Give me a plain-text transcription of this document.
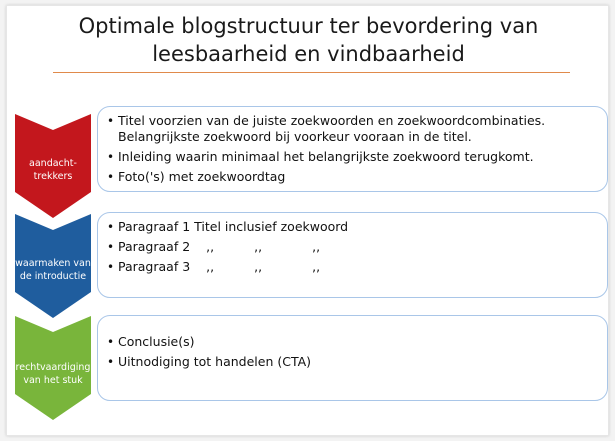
Optimale blogstructuur ter bevordering van
leesbaarheid en vindbaarheid
aandacht-
trekkers
• Titel voorzien van de juiste zoekwoorden en zoekwoordcombinaties.
Belangrijkste zoekwoord bij voorkeur vooraan in de titel.
• Inleiding waarin minimaal het belangrijkste zoekwoord terugkomt.
• Foto('s) met zoekwoordtag
waarmaken van
de introductie
• Paragraaf 1 Titel inclusief zoekwoord
• Paragraaf 2 ,,	,,	,,
• Paragraaf 3 ,,	,,	,,
rechtvaardiging
van het stuk
• Conclusie(s)
• Uitnodiging tot handelen (CTA)
